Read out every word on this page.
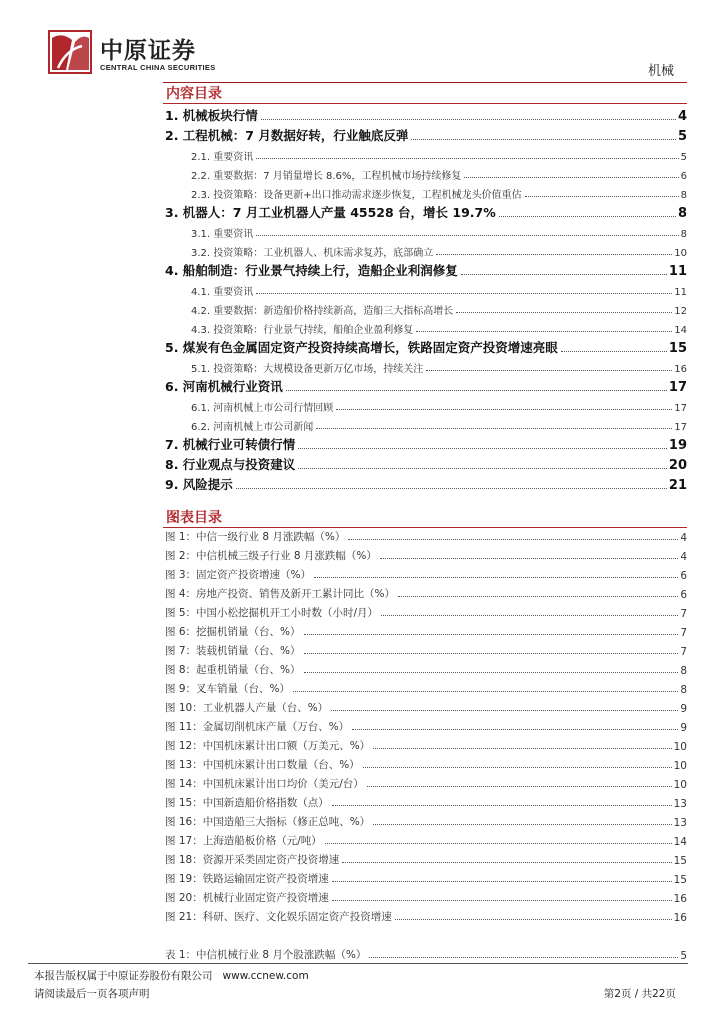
中原证券
CENTRAL CHINA SECURITIES	机械
内容目录
1. 机械板块行情	4
2. 工程机械：7 月数据好转，行业触底反弹	5
2.1. 重要资讯	5
2.2. 重要数据：7 月销量增长 8.6%，工程机械市场持续修复	6
2.3. 投资策略：设备更新+出口推动需求逐步恢复，工程机械龙头价值重估	8
3. 机器人：7 月工业机器人产量 45528 台，增长 19.7%	8
3.1. 重要资讯	8
3.2. 投资策略：工业机器人、机床需求复苏，底部确立	10
4. 船舶制造：行业景气持续上行，造船企业利润修复	11
4.1. 重要资讯	11
4.2. 重要数据：新造船价格持续新高，造船三大指标高增长	12
4.3. 投资策略：行业景气持续，船舶企业盈利修复	14
5. 煤炭有色金属固定资产投资持续高增长，铁路固定资产投资增速亮眼	15
5.1. 投资策略：大规模设备更新万亿市场，持续关注	16
6. 河南机械行业资讯	17
6.1. 河南机械上市公司行情回顾	17
6.2. 河南机械上市公司新闻	17
7. 机械行业可转债行情	19
8. 行业观点与投资建议	20
9. 风险提示	21
图表目录
图 1：中信一级行业 8 月涨跌幅（%）	4
图 2：中信机械三级子行业 8 月涨跌幅（%）	4
图 3：固定资产投资增速（%）	6
图 4：房地产投资、销售及新开工累计同比（%）	6
图 5：中国小松挖掘机开工小时数（小时/月）	7
图 6：挖掘机销量（台、%）	7
图 7：装载机销量（台、%）	7
图 8：起重机销量（台、%）	8
图 9：叉车销量（台、%）	8
图 10：工业机器人产量（台、%）	9
图 11：金属切削机床产量（万台、%）	9
图 12：中国机床累计出口额（万美元、%）	10
图 13：中国机床累计出口数量（台、%）	10
图 14：中国机床累计出口均价（美元/台）	10
图 15：中国新造船价格指数（点）	13
图 16：中国造船三大指标（修正总吨、%）	13
图 17：上海造船板价格（元/吨）	14
图 18：资源开采类固定资产投资增速	15
图 19：铁路运输固定资产投资增速	15
图 20：机械行业固定资产投资增速	16
图 21：科研、医疗、文化娱乐固定资产投资增速	16
表 1：中信机械行业 8 月个股涨跌幅（%）	5
本报告版权属于中原证券股份有限公司 www.ccnew.com
请阅读最后一页各项声明	第2页 / 共22页
